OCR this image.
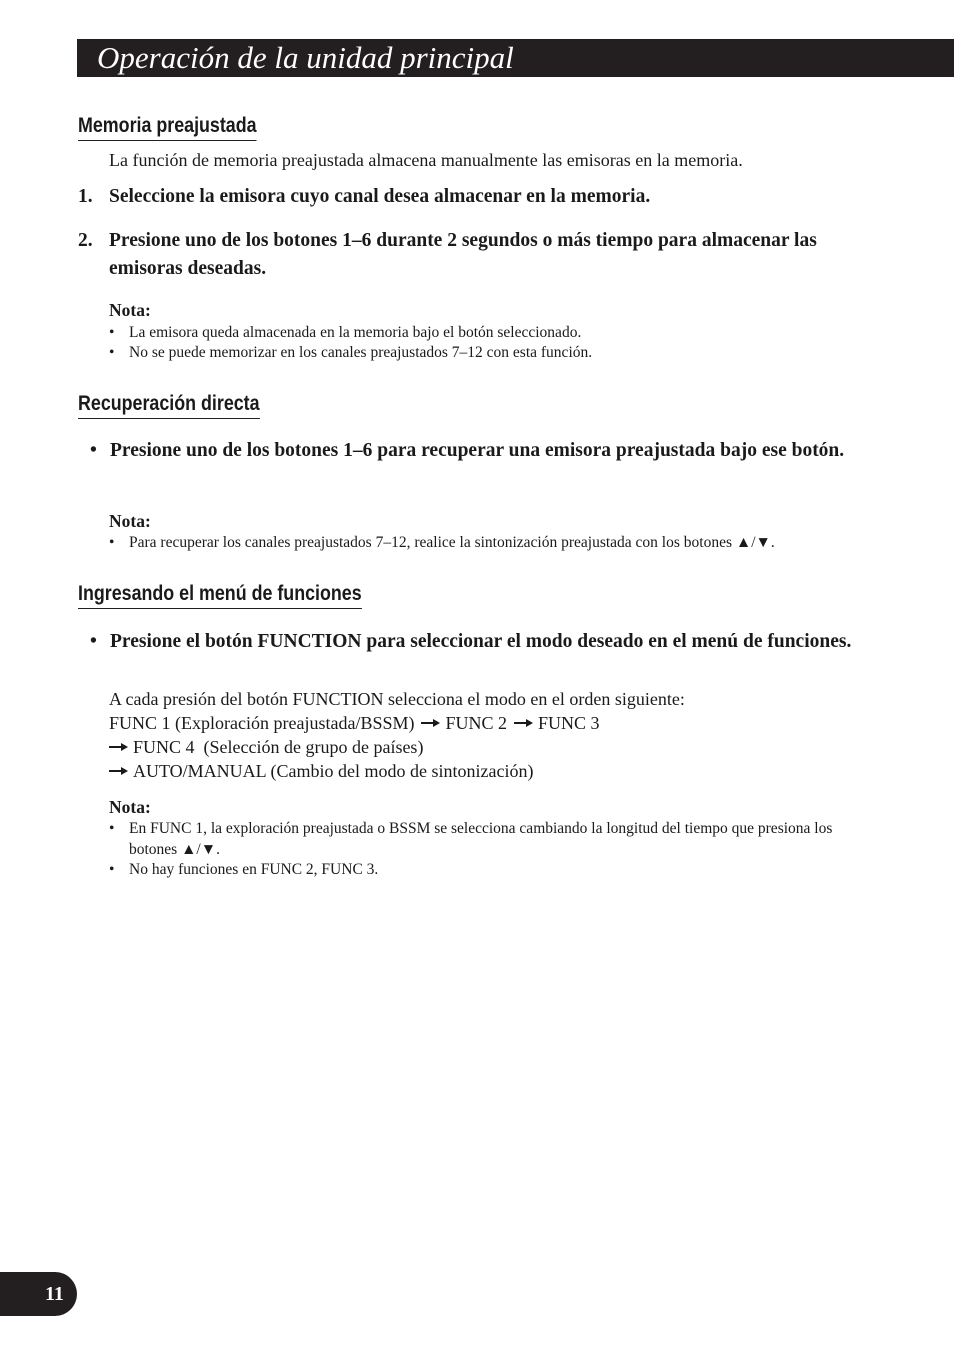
Operación de la unidad principal
Memoria preajustada
La función de memoria preajustada almacena manualmente las emisoras en la memoria.
1. Seleccione la emisora cuyo canal desea almacenar en la memoria.
2. Presione uno de los botones 1–6 durante 2 segundos o más tiempo para almacenar las emisoras deseadas.
Nota:
• La emisora queda almacenada en la memoria bajo el botón seleccionado.
• No se puede memorizar en los canales preajustados 7–12 con esta función.
Recuperación directa
• Presione uno de los botones 1–6 para recuperar una emisora preajustada bajo ese botón.
Nota:
• Para recuperar los canales preajustados 7–12, realice la sintonización preajustada con los botones ▲/▼.
Ingresando el menú de funciones
• Presione el botón FUNCTION para seleccionar el modo deseado en el menú de funciones.
A cada presión del botón FUNCTION selecciona el modo en el orden siguiente:
FUNC 1 (Exploración preajustada/BSSM) FUNC 2 FUNC 3
FUNC 4  (Selección de grupo de países)
AUTO/MANUAL (Cambio del modo de sintonización)
Nota:
• En FUNC 1, la exploración preajustada o BSSM se selecciona cambiando la longitud del tiempo que presiona los botones ▲/▼.
• No hay funciones en FUNC 2, FUNC 3.
11
